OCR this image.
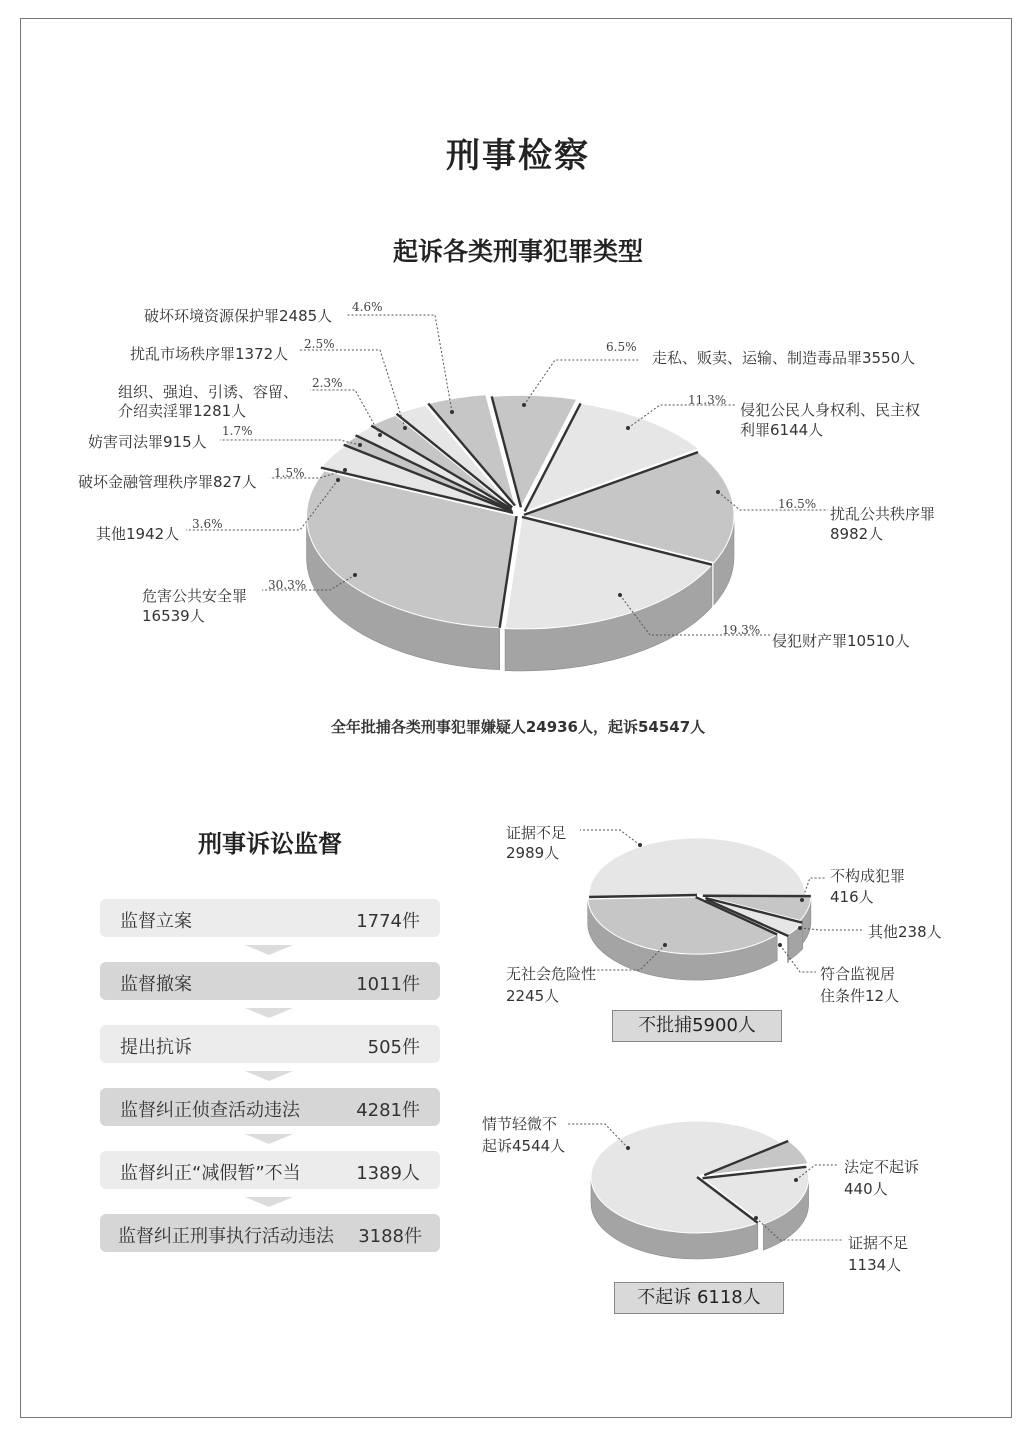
刑事检察
起诉各类刑事犯罪类型
6.5%
走私、贩卖、运输、制造毒品罪3550人
11.3%
侵犯公民人身权利、民主权
利罪6144人
16.5%
扰乱公共秩序罪
8982人
19.3%
侵犯财产罪10510人
30.3%
危害公共安全罪
16539人
3.6%
其他1942人
1.5%
破坏金融管理秩序罪827人
1.7%
妨害司法罪915人
2.3%
组织、强迫、引诱、容留、
介绍卖淫罪1281人
2.5%
扰乱市场秩序罪1372人
4.6%
破坏环境资源保护罪2485人
全年批捕各类刑事犯罪嫌疑人24936人，起诉54547人
刑事诉讼监督
监督立案	1774件
监督撤案	1011件
提出抗诉	505件
监督纠正侦查活动违法	4281件
监督纠正“减假暂”不当	1389人
监督纠正刑事执行活动违法 3188件
证据不足
2989人
不构成犯罪
416人
其他238人
符合监视居
住条件12人
无社会危险性
2245人
不批捕5900人
情节轻微不
起诉4544人
法定不起诉
440人
证据不足
1134人
不起诉 6118人
